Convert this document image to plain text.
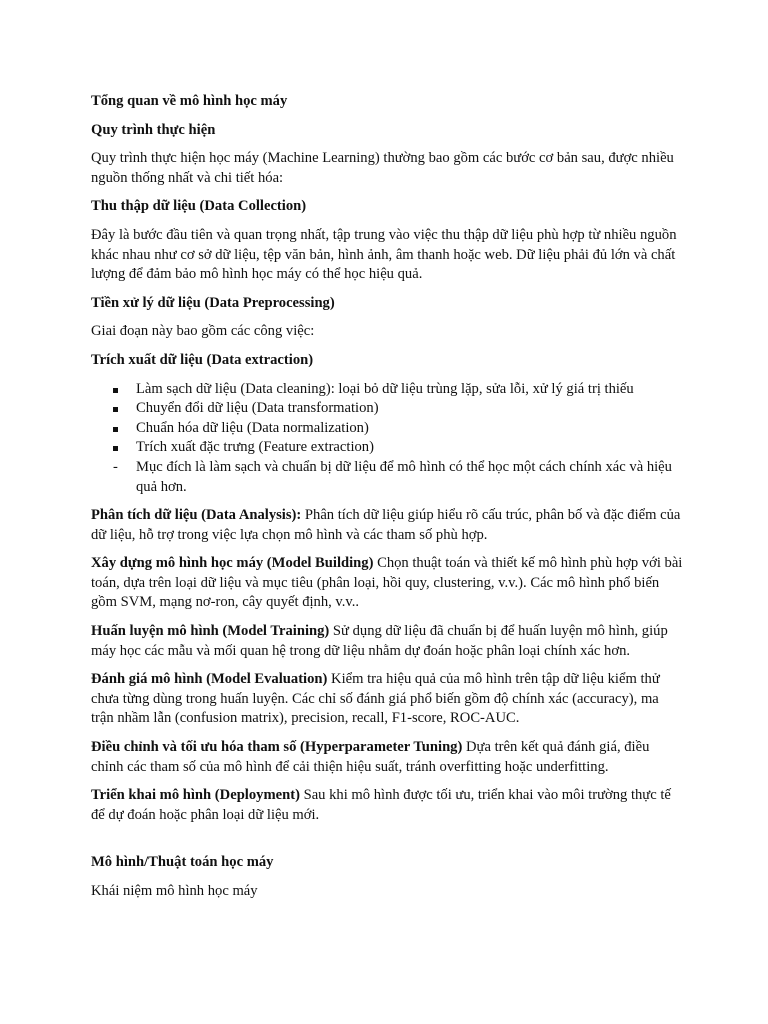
Tổng quan về mô hình học máy

Quy trình thực hiện

Quy trình thực hiện học máy (Machine Learning) thường bao gồm các bước cơ bản sau, được nhiều nguồn thống nhất và chi tiết hóa:

Thu thập dữ liệu (Data Collection)

Đây là bước đầu tiên và quan trọng nhất, tập trung vào việc thu thập dữ liệu phù hợp từ nhiều nguồn khác nhau như cơ sở dữ liệu, tệp văn bản, hình ảnh, âm thanh hoặc web. Dữ liệu phải đủ lớn và chất lượng để đảm bảo mô hình học máy có thể học hiệu quả.

Tiền xử lý dữ liệu (Data Preprocessing)

Giai đoạn này bao gồm các công việc:

Trích xuất dữ liệu (Data extraction)

Làm sạch dữ liệu (Data cleaning): loại bỏ dữ liệu trùng lặp, sửa lỗi, xử lý giá trị thiếu
Chuyển đổi dữ liệu (Data transformation)
Chuẩn hóa dữ liệu (Data normalization)
Trích xuất đặc trưng (Feature extraction)
-	Mục đích là làm sạch và chuẩn bị dữ liệu để mô hình có thể học một cách chính xác và hiệu quả hơn.

Phân tích dữ liệu (Data Analysis): Phân tích dữ liệu giúp hiểu rõ cấu trúc, phân bố và đặc điểm của dữ liệu, hỗ trợ trong việc lựa chọn mô hình và các tham số phù hợp.

Xây dựng mô hình học máy (Model Building) Chọn thuật toán và thiết kế mô hình phù hợp với bài toán, dựa trên loại dữ liệu và mục tiêu (phân loại, hồi quy, clustering, v.v.). Các mô hình phổ biến gồm SVM, mạng nơ-ron, cây quyết định, v.v..

Huấn luyện mô hình (Model Training) Sử dụng dữ liệu đã chuẩn bị để huấn luyện mô hình, giúp máy học các mẫu và mối quan hệ trong dữ liệu nhằm dự đoán hoặc phân loại chính xác hơn.

Đánh giá mô hình (Model Evaluation) Kiểm tra hiệu quả của mô hình trên tập dữ liệu kiểm thử chưa từng dùng trong huấn luyện. Các chỉ số đánh giá phổ biến gồm độ chính xác (accuracy), ma trận nhầm lẫn (confusion matrix), precision, recall, F1-score, ROC-AUC.

Điều chỉnh và tối ưu hóa tham số (Hyperparameter Tuning) Dựa trên kết quả đánh giá, điều chỉnh các tham số của mô hình để cải thiện hiệu suất, tránh overfitting hoặc underfitting.

Triển khai mô hình (Deployment) Sau khi mô hình được tối ưu, triển khai vào môi trường thực tế để dự đoán hoặc phân loại dữ liệu mới.

Mô hình/Thuật toán học máy

Khái niệm mô hình học máy
